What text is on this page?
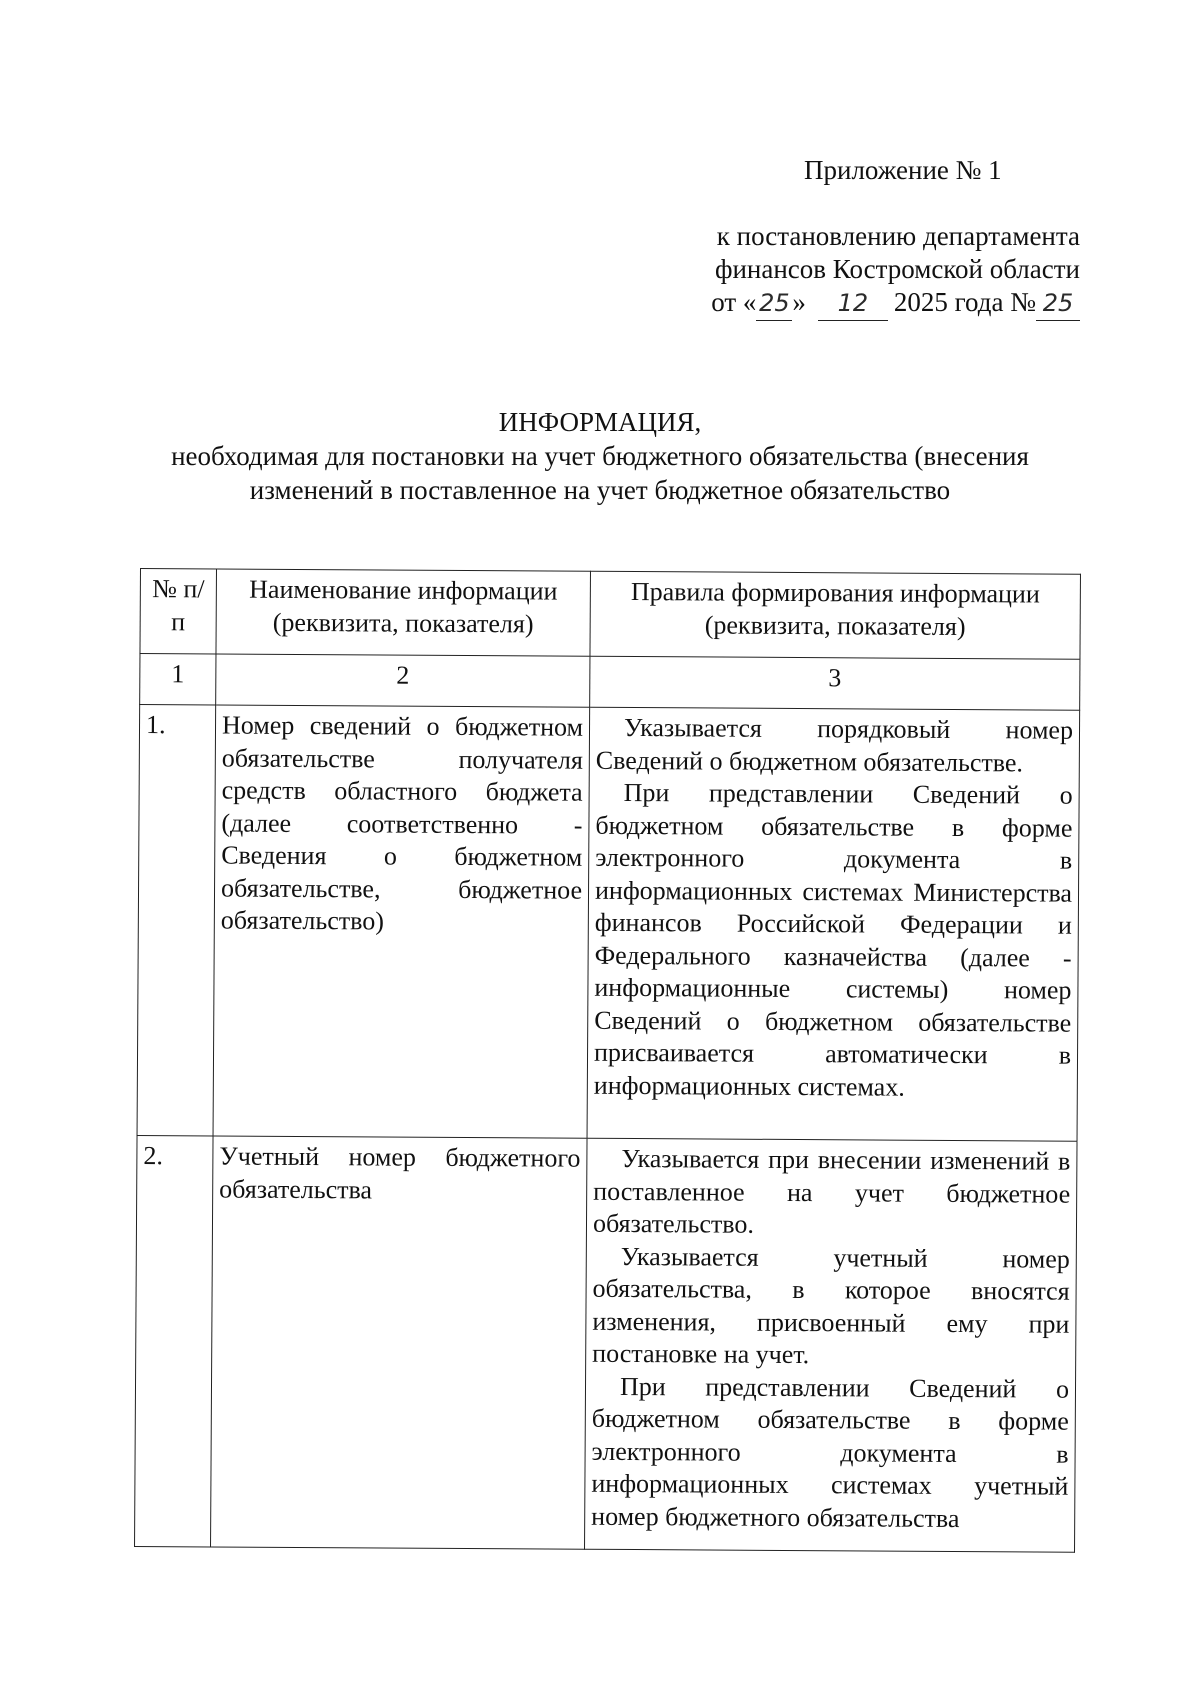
Приложение № 1
к постановлению департамента
финансов Костромской области
от « 25 » 12 2025 года № 25
ИНФОРМАЦИЯ,
необходимая для постановки на учет бюджетного обязательства (внесения
изменений в поставленное на учет бюджетное обязательство
№ п/п	Наименование информации (реквизита, показателя)	Правила формирования информации (реквизита, показателя)
1	2	3
1.	Номер сведений о бюджетном обязательстве получателя средств областного бюджета (далее соответственно - Сведения о бюджетном обязательстве, бюджетное обязательство)	Указывается порядковый номер Сведений о бюджетном обязательстве.
При представлении Сведений о бюджетном обязательстве в форме электронного документа в информационных системах Министерства финансов Российской Федерации и Федерального казначейства (далее - информационные системы) номер Сведений о бюджетном обязательстве присваивается автоматически в информационных системах.

2.	Учетный номер бюджетного обязательства	Указывается при внесении изменений в поставленное на учет бюджетное обязательство.
Указывается учетный номер обязательства, в которое вносятся изменения, присвоенный ему при постановке на учет.
При представлении Сведений о бюджетном обязательстве в форме электронного документа в информационных системах учетный номер бюджетного обязательства
